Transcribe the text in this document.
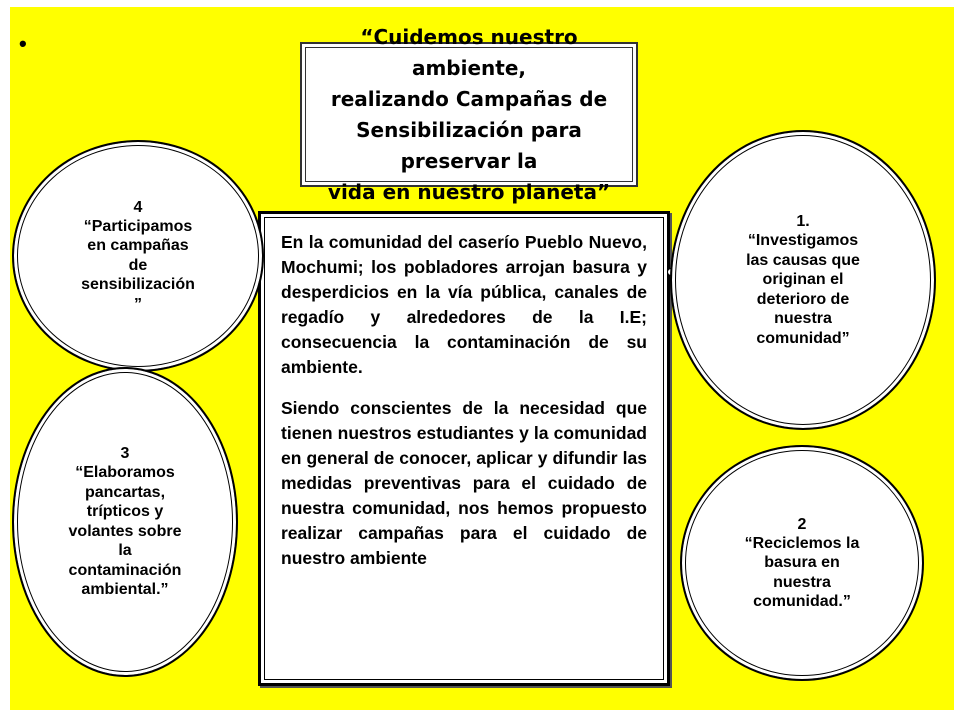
•	“Cuidemos nuestro ambiente,
realizando Campañas de
Sensibilización para preservar la
vida en nuestro planeta”

En la comunidad del caserío Pueblo Nuevo, Mochumi; los pobladores arrojan basura y desperdicios en la vía pública, canales de regadío y alrededores de la I.E; consecuencia la contaminación de su ambiente.

Siendo conscientes de la necesidad que tienen nuestros estudiantes y la comunidad en general de conocer, aplicar y difundir las medidas preventivas para el cuidado de nuestra comunidad, nos hemos propuesto realizar campañas para el cuidado de nuestro ambiente

4
“Participamos
en campañas
de
sensibilización
”
3
“Elaboramos
pancartas,
trípticos y
volantes sobre
la
contaminación
ambiental.”
1.
“Investigamos
las causas que
originan el
deterioro de
nuestra
comunidad”
2
“Reciclemos la
basura en
nuestra
comunidad.”
